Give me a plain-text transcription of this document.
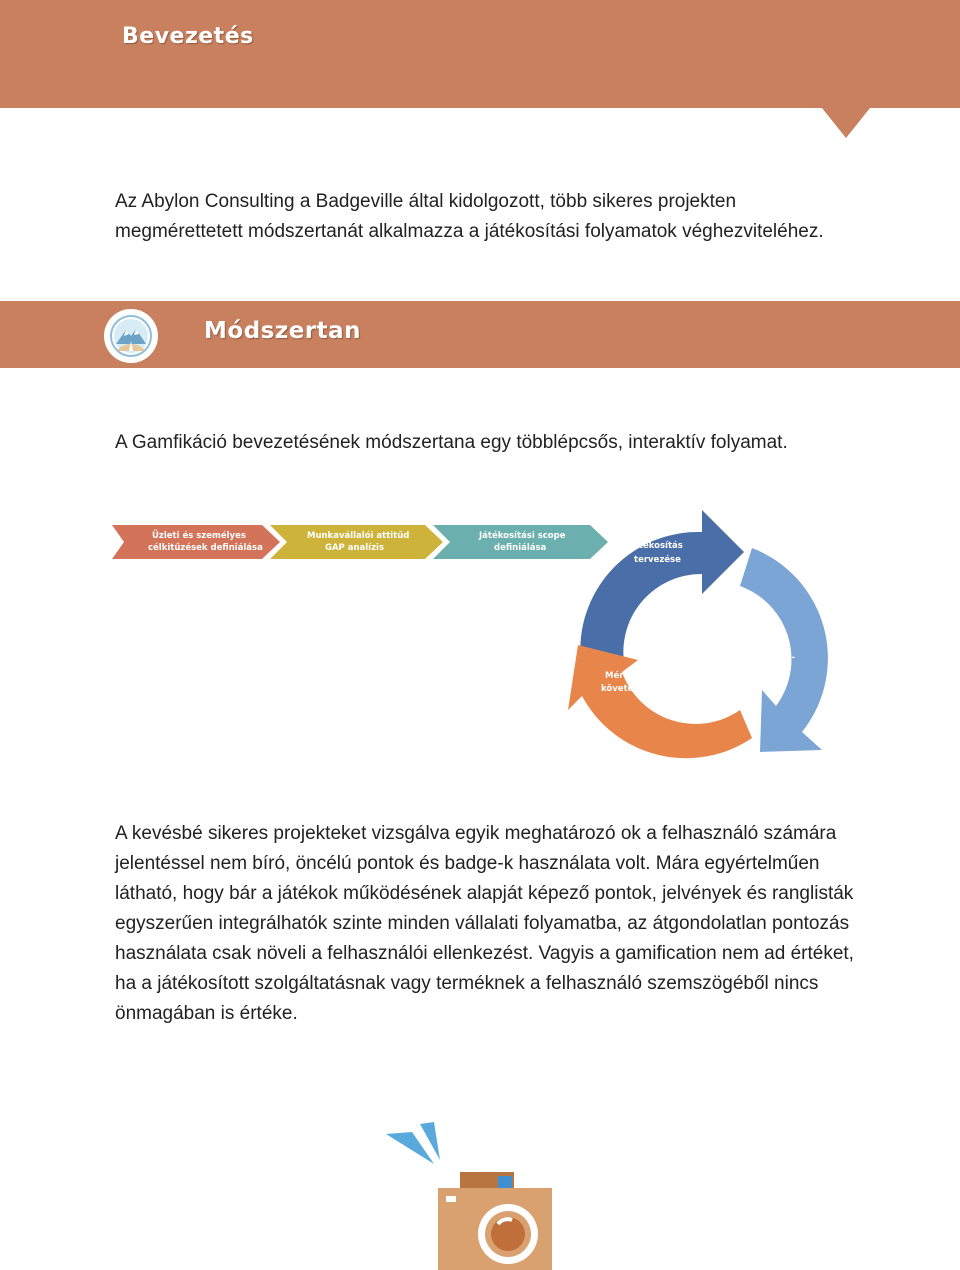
Bevezetés

Az Abylon Consulting a Badgeville által kidolgozott, több sikeres projekten megmérettetett módszertanát alkalmazza a játékosítási folyamatok véghezviteléhez.

Módszertan

A Gamfikáció bevezetésének módszertana egy többlépcsős, interaktív folyamat.

Üzleti és személyes
célkitűzések definiálása
Munkavállalói attitűd
GAP analízis
Játékosítási scope
definiálása	Játékosítás
tervezése
Implemen-
táció
Mérés,
követés

A kevésbé sikeres projekteket vizsgálva egyik meghatározó ok a felhasználó számára jelentéssel nem bíró, öncélú pontok és badge-k használata volt. Mára egyértelműen látható, hogy bár a játékok működésének alapját képező pontok, jelvények és ranglisták egyszerűen integrálhatók szinte minden vállalati folyamatba, az átgondolatlan pontozás használata csak növeli a felhasználói ellenkezést. Vagyis a gamification nem ad értéket, ha a játékosított szolgáltatásnak vagy terméknek a felhasználó szemszögéből nincs önmagában is értéke.
